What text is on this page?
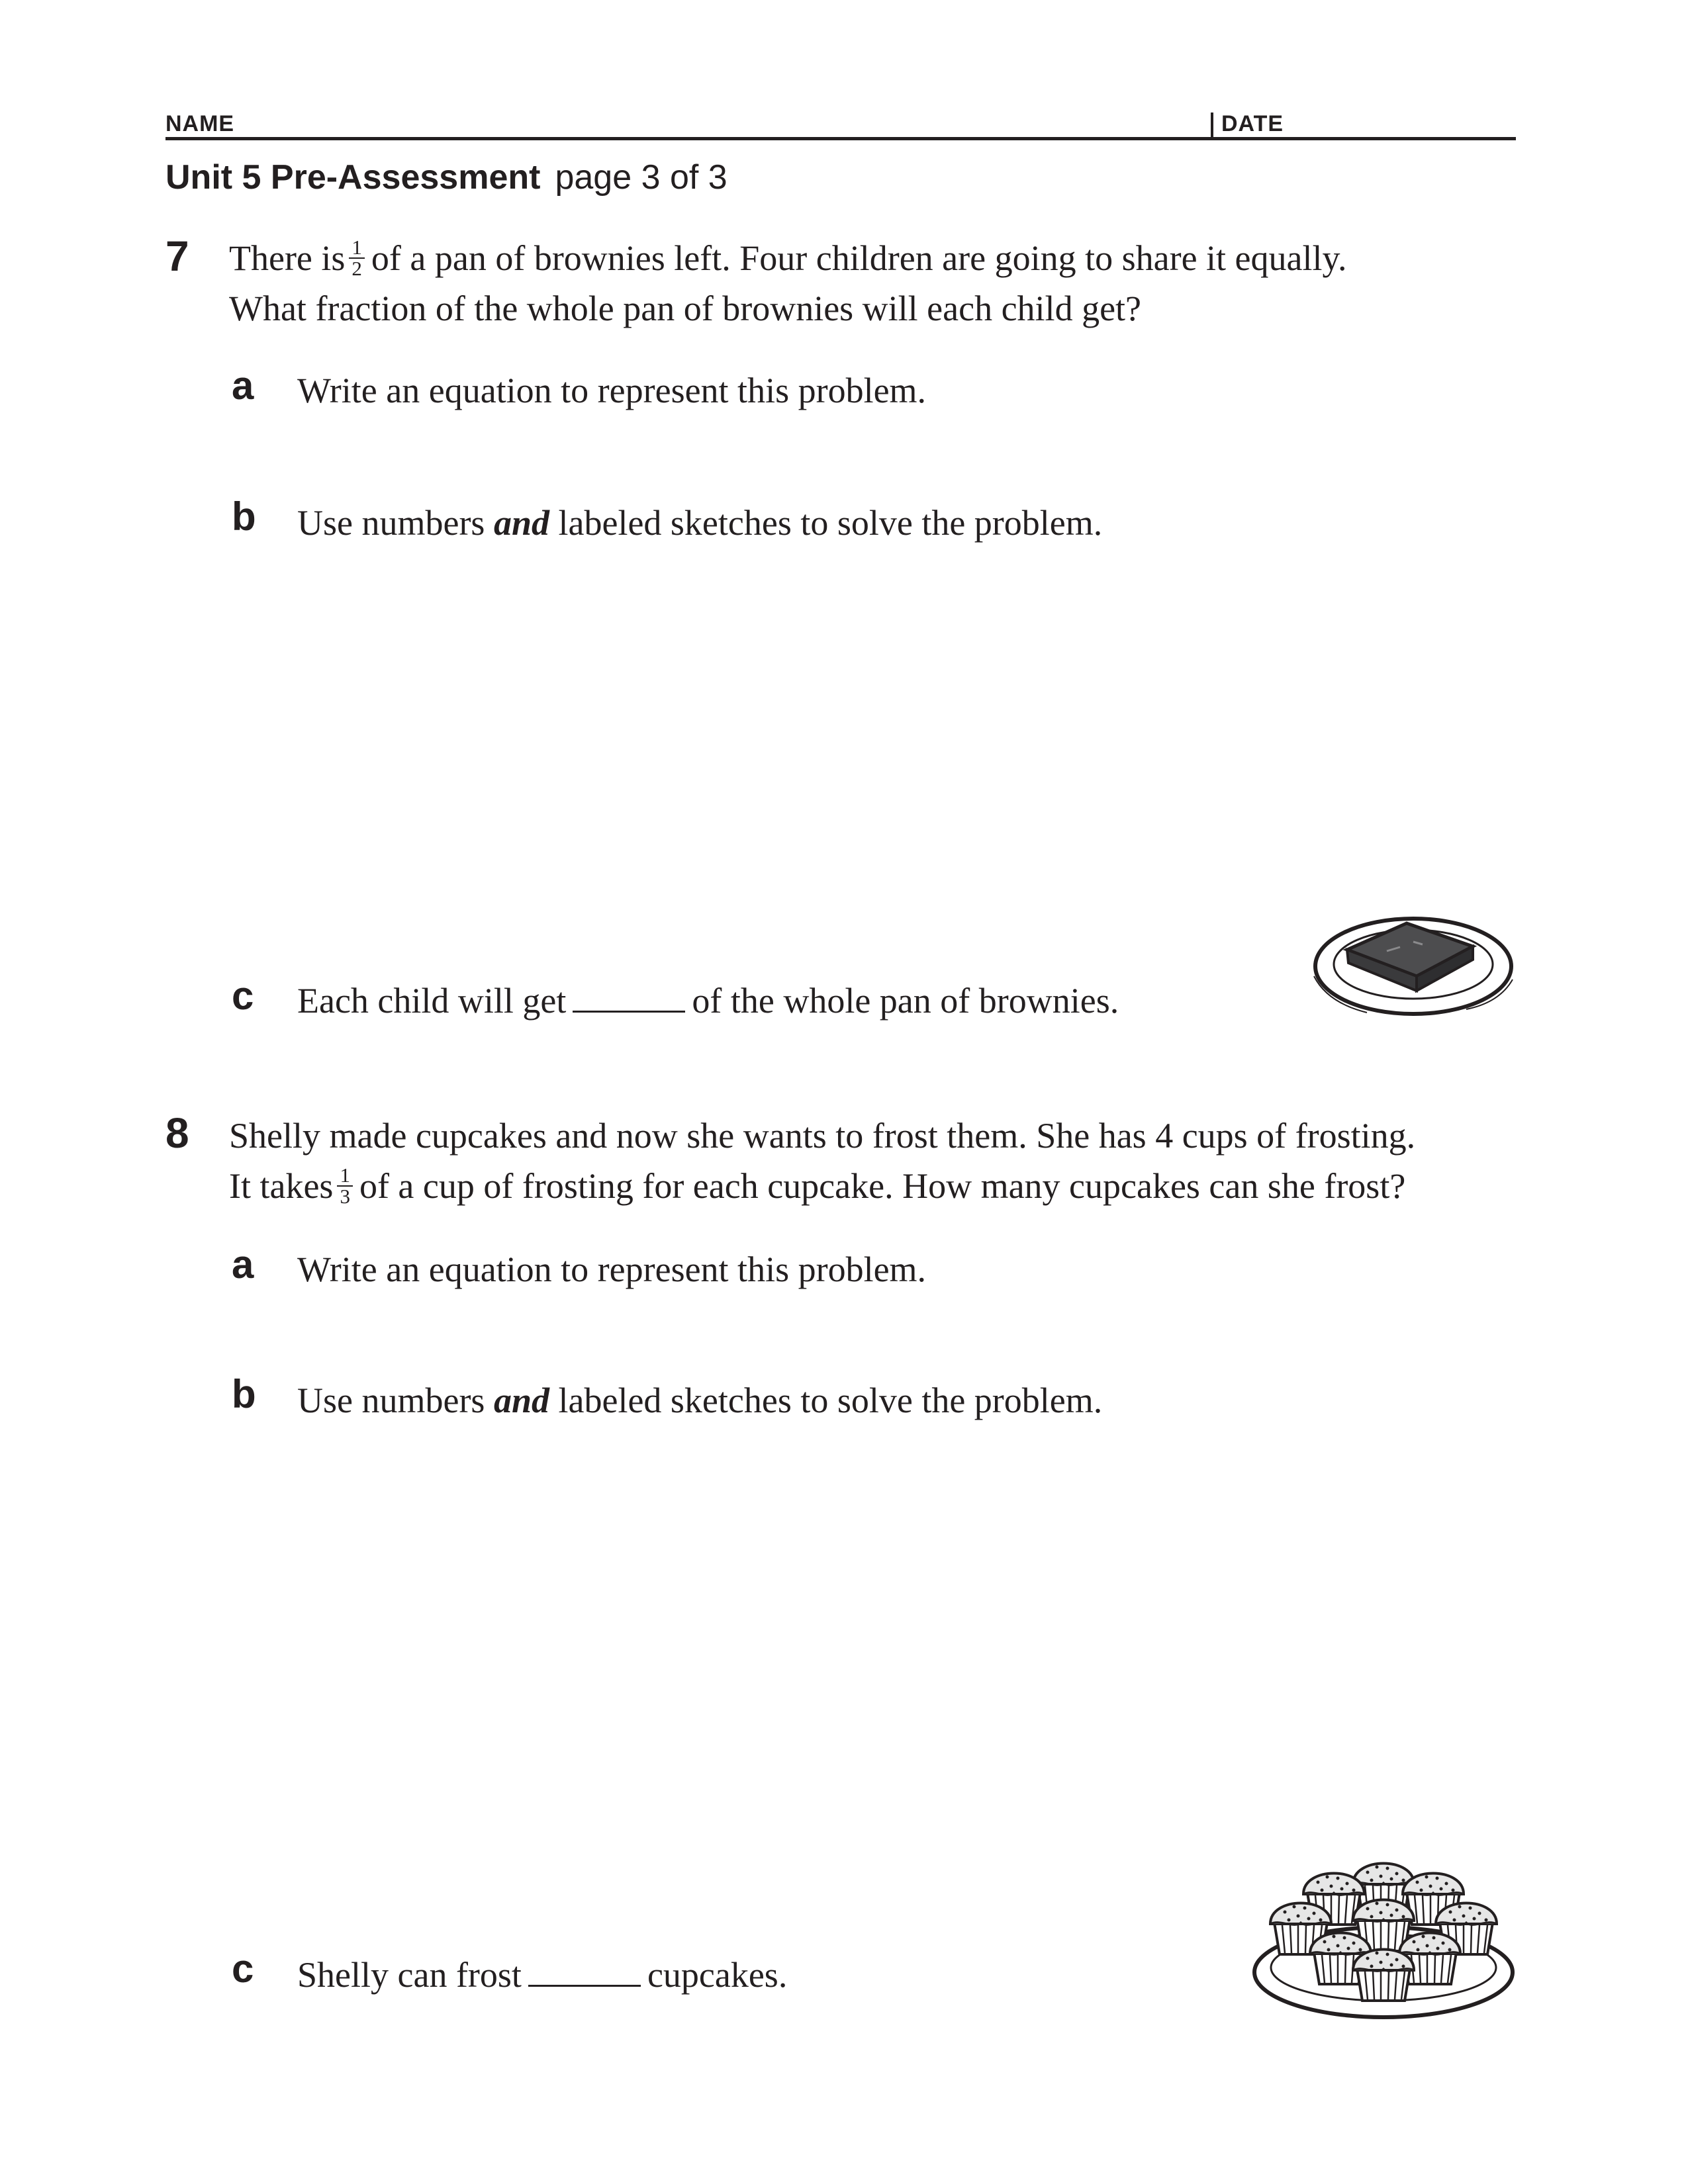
NAME	DATE
Unit 5 Pre-Assessment page 3 of 3
7 There is $\frac{1}{2}$ of a pan of brownies left. Four children are going to share it equally.
What fraction of the whole pan of brownies will each child get?
a Write an equation to represent this problem.
b Use numbers and labeled sketches to solve the problem.
c Each child will get	of the whole pan of brownies.
8 Shelly made cupcakes and now she wants to frost them. She has 4 cups of frosting.
It takes $\frac{1}{3}$ of a cup of frosting for each cupcake. How many cupcakes can she frost?
a Write an equation to represent this problem.
b Use numbers and labeled sketches to solve the problem.
c Shelly can frost	cupcakes.
